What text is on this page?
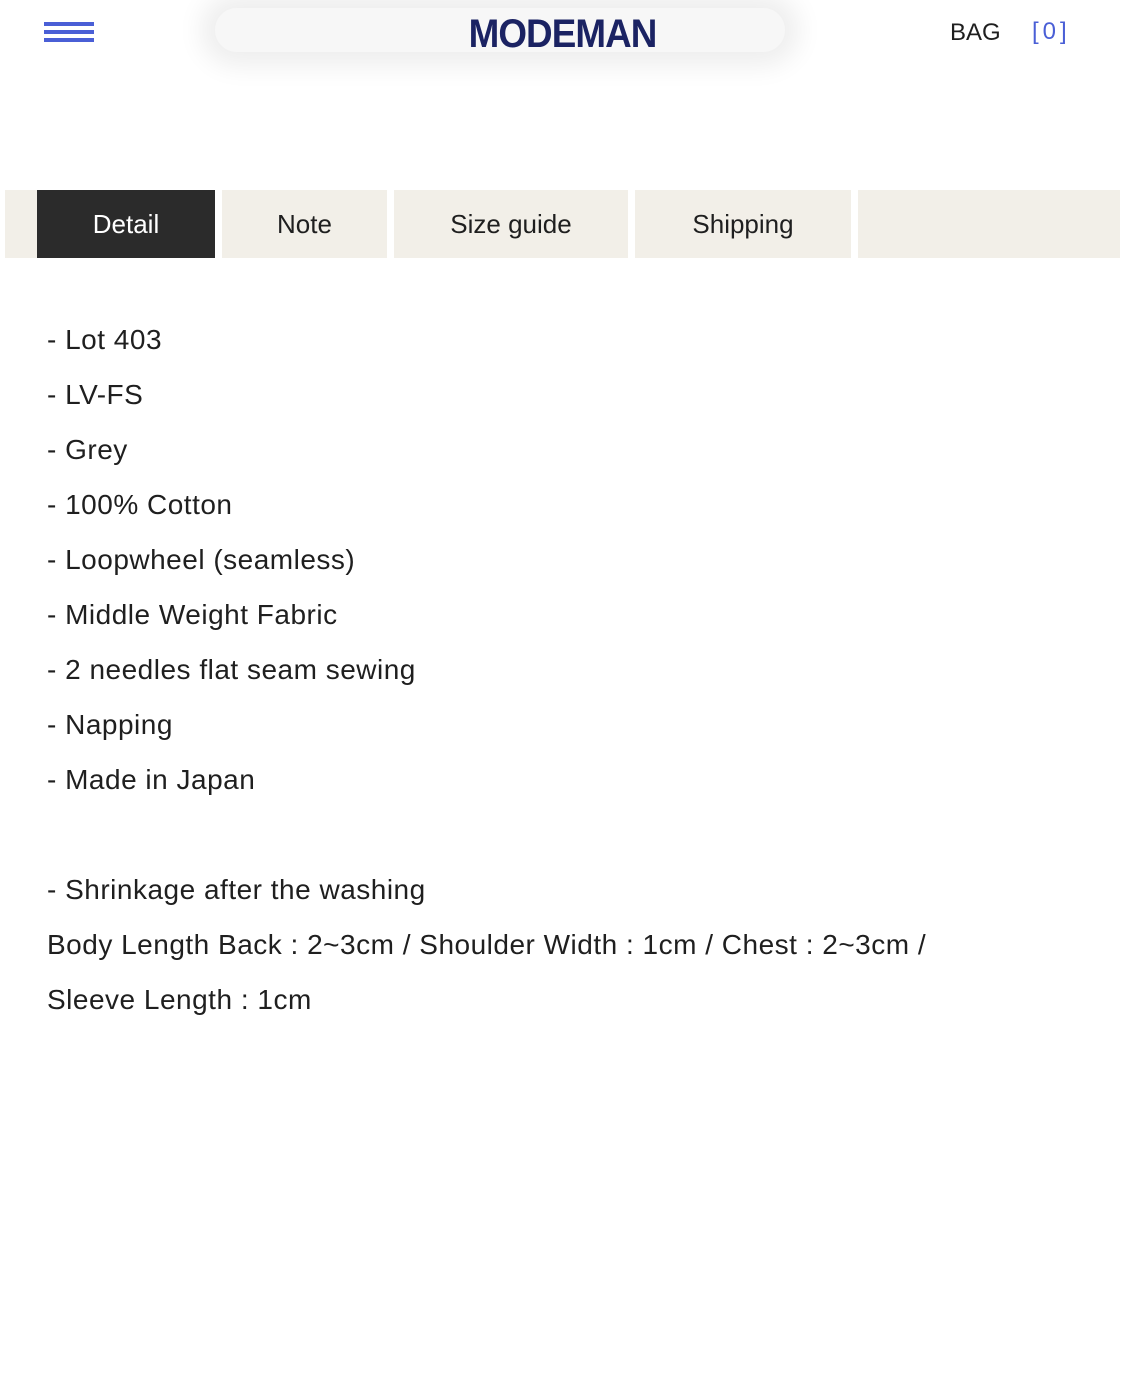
MODEMAN	BAG [0]
Detail	Note	Size guide	Shipping
- Lot 403
- LV-FS
- Grey
- 100% Cotton
- Loopwheel (seamless)
- Middle Weight Fabric
- 2 needles flat seam sewing
- Napping
- Made in Japan
- Shrinkage after the washing
Body Length Back : 2~3cm / Shoulder Width : 1cm / Chest : 2~3cm /
Sleeve Length : 1cm
